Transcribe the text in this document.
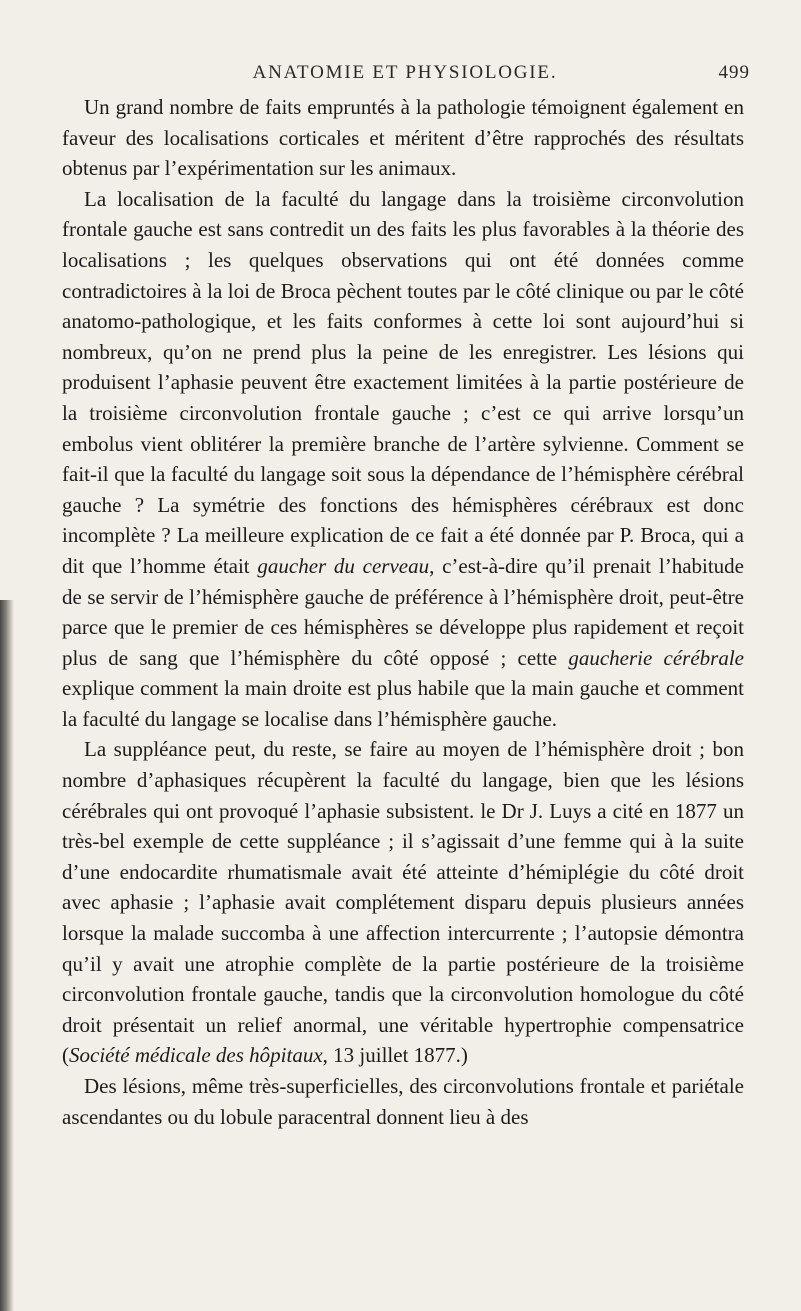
ANATOMIE ET PHYSIOLOGIE.	499

Un grand nombre de faits empruntés à la pathologie témoignent également en faveur des localisations corticales et méritent d’être rapprochés des résultats obtenus par l’expérimentation sur les animaux.

La localisation de la faculté du langage dans la troisième circonvolution frontale gauche est sans contredit un des faits les plus favorables à la théorie des localisations ; les quelques observations qui ont été données comme contradictoires à la loi de Broca pèchent toutes par le côté clinique ou par le côté anatomo-pathologique, et les faits conformes à cette loi sont aujourd’hui si nombreux, qu’on ne prend plus la peine de les enregistrer. Les lésions qui produisent l’aphasie peuvent être exactement limitées à la partie postérieure de la troisième circonvolution frontale gauche ; c’est ce qui arrive lorsqu’un embolus vient oblitérer la première branche de l’artère sylvienne. Comment se fait-il que la faculté du langage soit sous la dépendance de l’hémisphère cérébral gauche ? La symétrie des fonctions des hémisphères cérébraux est donc incomplète ? La meilleure explication de ce fait a été donnée par P. Broca, qui a dit que l’homme était gaucher du cerveau, c’est-à-dire qu’il prenait l’habitude de se servir de l’hémisphère gauche de préférence à l’hémisphère droit, peut-être parce que le premier de ces hémisphères se développe plus rapidement et reçoit plus de sang que l’hémisphère du côté opposé ; cette gaucherie cérébrale explique comment la main droite est plus habile que la main gauche et comment la faculté du langage se localise dans l’hémisphère gauche.

La suppléance peut, du reste, se faire au moyen de l’hémisphère droit ; bon nombre d’aphasiques récupèrent la faculté du langage, bien que les lésions cérébrales qui ont provoqué l’aphasie subsistent. le Dr J. Luys a cité en 1877 un très-bel exemple de cette suppléance ; il s’agissait d’une femme qui à la suite d’une endocardite rhumatismale avait été atteinte d’hémiplégie du côté droit avec aphasie ; l’aphasie avait complétement disparu depuis plusieurs années lorsque la malade succomba à une affection intercurrente ; l’autopsie démontra qu’il y avait une atrophie complète de la partie postérieure de la troisième circonvolution frontale gauche, tandis que la circonvolution homologue du côté droit présentait un relief anormal, une véritable hypertrophie compensatrice (Société médicale des hôpitaux, 13 juillet 1877.)

Des lésions, même très-superficielles, des circonvolutions frontale et pariétale ascendantes ou du lobule paracentral donnent lieu à des
